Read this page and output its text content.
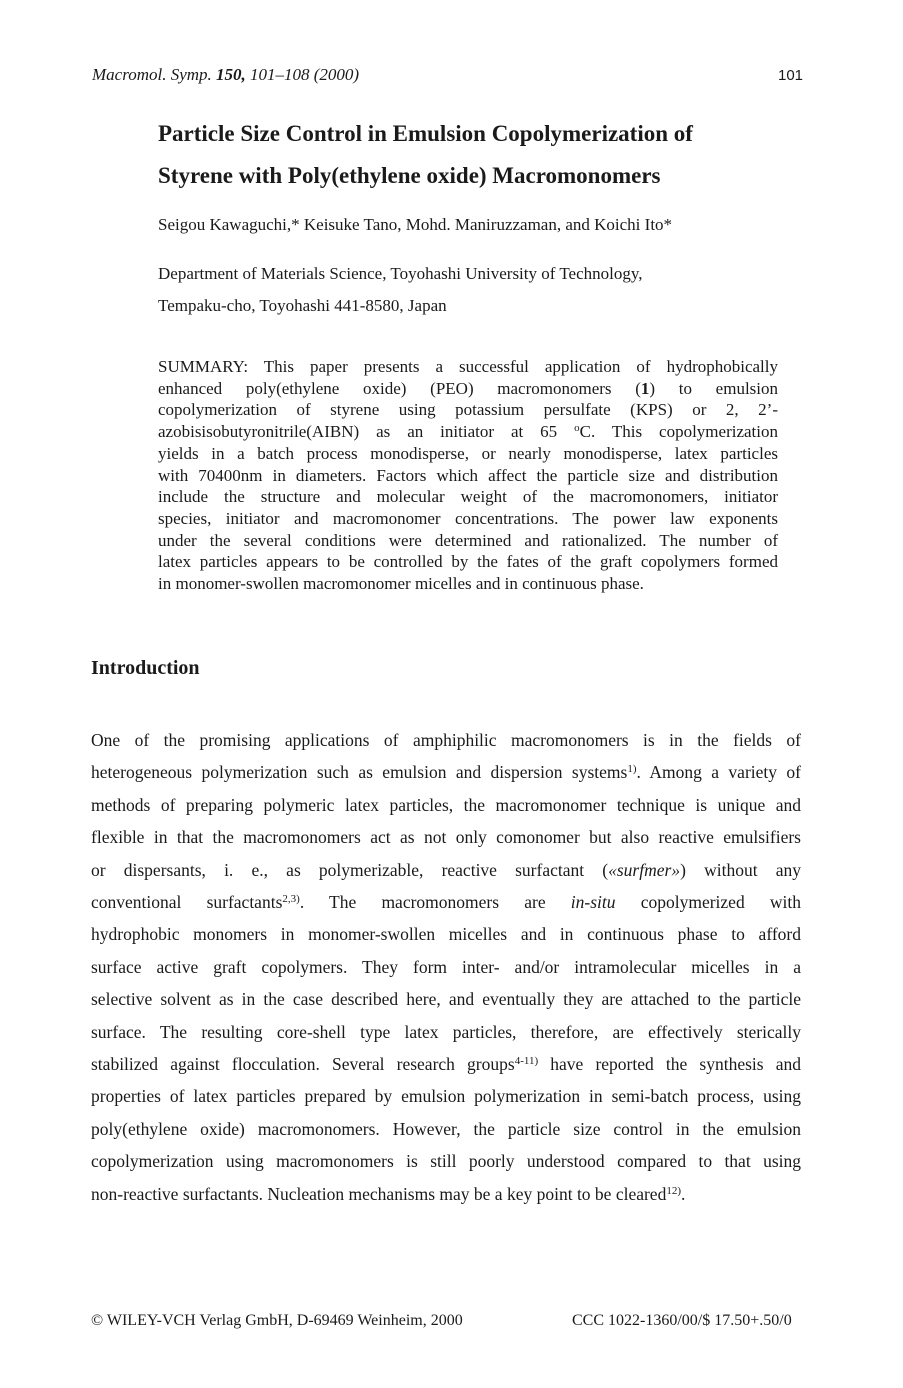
Macromol. Symp. 150, 101–108 (2000)	101
Particle Size Control in Emulsion Copolymerization of
Styrene with Poly(ethylene oxide) Macromonomers
Seigou Kawaguchi,* Keisuke Tano, Mohd. Maniruzzaman, and Koichi Ito*
Department of Materials Science, Toyohashi University of Technology,
Tempaku-cho, Toyohashi 441-8580, Japan
SUMMARY: This paper presents a successful application of hydrophobically
enhanced poly(ethylene oxide) (PEO) macromonomers (1) to emulsion
copolymerization of styrene using potassium persulfate (KPS) or 2, 2’-
azobisisobutyronitrile(AIBN) as an initiator at 65 $^o$C. This copolymerization
yields in a batch process monodisperse, or nearly monodisperse, latex particles
with 70400nm in diameters. Factors which affect the particle size and distribution
include the structure and molecular weight of the macromonomers, initiator
species, initiator and macromonomer concentrations. The power law exponents
under the several conditions were determined and rationalized. The number of
latex particles appears to be controlled by the fates of the graft copolymers formed
in monomer-swollen macromonomer micelles and in continuous phase.
Introduction
One of the promising applications of amphiphilic macromonomers is in the fields of
heterogeneous polymerization such as emulsion and dispersion systems$^{1)}$. Among a variety of
methods of preparing polymeric latex particles, the macromonomer technique is unique and
flexible in that the macromonomers act as not only comonomer but also reactive emulsifiers
or dispersants, i. e., as polymerizable, reactive surfactant («surfmer») without any
conventional surfactants$^{2,3)}$. The macromonomers are in-situ copolymerized with
hydrophobic monomers in monomer-swollen micelles and in continuous phase to afford
surface active graft copolymers. They form inter- and/or intramolecular micelles in a
selective solvent as in the case described here, and eventually they are attached to the particle
surface. The resulting core-shell type latex particles, therefore, are effectively sterically
stabilized against flocculation. Several research groups$^{4-11)}$ have reported the synthesis and
properties of latex particles prepared by emulsion polymerization in semi-batch process, using
poly(ethylene oxide) macromonomers. However, the particle size control in the emulsion
copolymerization using macromonomers is still poorly understood compared to that using
non-reactive surfactants. Nucleation mechanisms may be a key point to be cleared$^{12)}$.
© WILEY-VCH Verlag GmbH, D-69469 Weinheim, 2000	CCC 1022-1360/00/$ 17.50+.50/0
